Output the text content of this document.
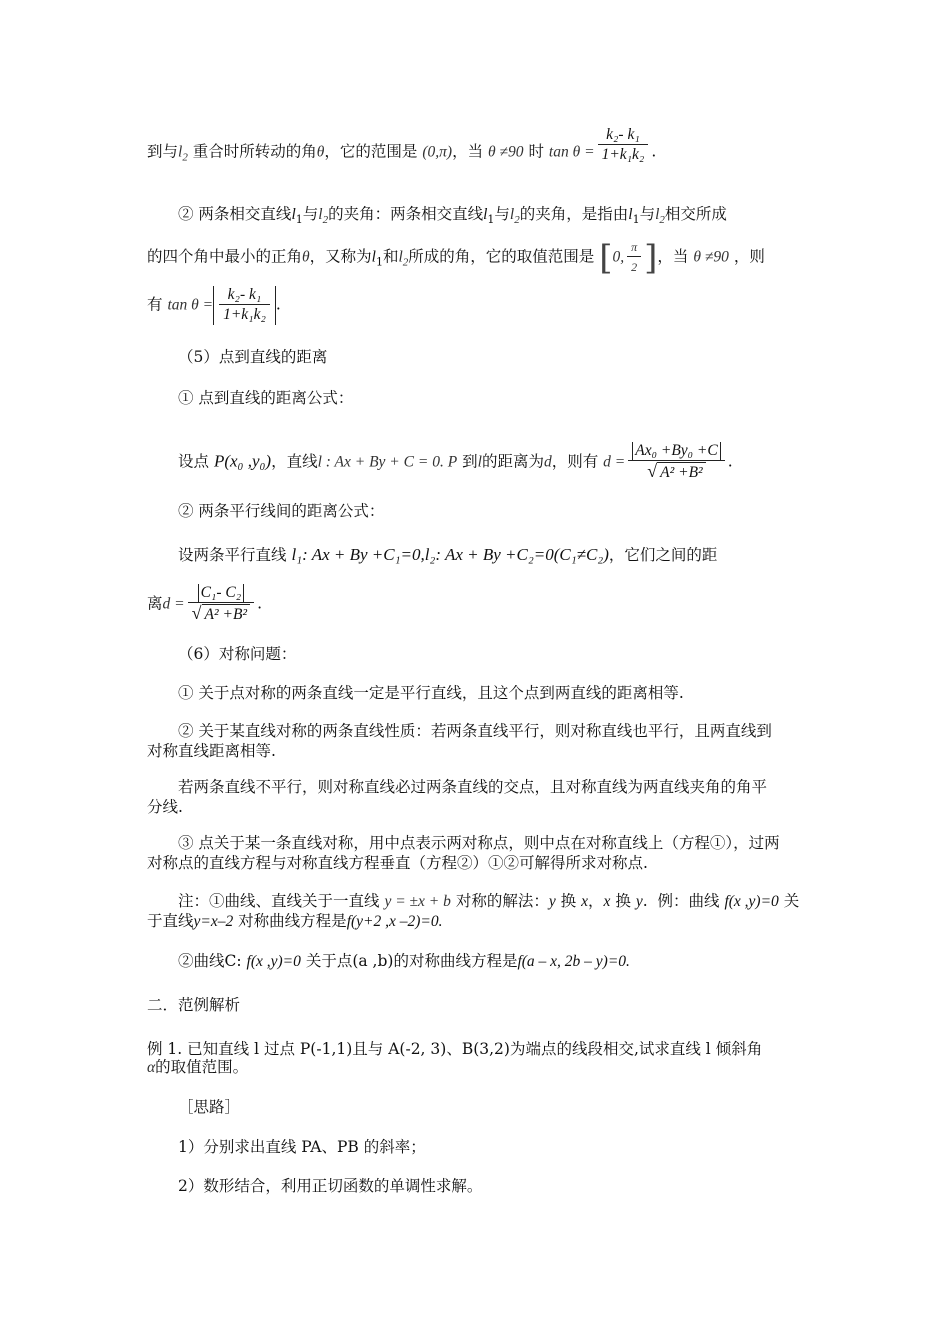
到与$l_2$ 重合时所转动的角θ，它的范围是 (0,π)，当 θ ≠90 时 $\tan \theta = \frac{\text{k₂- k₁}}{\text{1+k₁k₂}}$ .
② 两条相交直线$l_1$与$l_2$的夹角：两条相交直线$l_1$与$l_2$的夹角，是指由$l_1$与$l_2$相交所成
的四个角中最小的正角θ，又称为$l_1$和$l_2$所成的角，它的取值范围是 [0, $\frac{\pi}{2}$ ]，当 θ ≠90 ，则
有 $\tan \theta = \frac{\text{k₂- k₁}}{\text{1+k₁k₂}}$ .
（5）点到直线的距离
① 点到直线的距离公式：
设点 P(x₀ ,y₀)，直线l : Ax + By + C = 0. P 到l的距离为d，则有 $d = \frac{\text{Ax₀ +By₀ +C}}{\text{√ A² +B²}}$ .
② 两条平行线间的距离公式：
设两条平行直线 l₁: Ax + By +C₁=0,l₂: Ax + By +C₂=0(C₁≠C₂)，它们之间的距
离$d = \frac{\text{C₁- C₂}}{\text{√ A² +B²}}$ .
（6）对称问题：
① 关于点对称的两条直线一定是平行直线，且这个点到两直线的距离相等.
② 关于某直线对称的两条直线性质：若两条直线平行，则对称直线也平行，且两直线到
对称直线距离相等.
若两条直线不平行，则对称直线必过两条直线的交点，且对称直线为两直线夹角的角平
分线.
③ 点关于某一条直线对称，用中点表示两对称点，则中点在对称直线上（方程①），过两
对称点的直线方程与对称直线方程垂直（方程②）①②可解得所求对称点.
注：①曲线、直线关于一直线 y = ±x + b 对称的解法：y 换 x，x 换 y. 例：曲线 f(x ,y)=0 关
于直线y=x–2 对称曲线方程是f(y+2 ,x –2)=0.
②曲线C: f(x ,y)=0 关于点(a ,b)的对称曲线方程是f(a – x, 2b – y)=0.
二．范例解析
例 1. 已知直线 l 过点 P(-1,1)且与 A(-2, 3)、B(3,2)为端点的线段相交,试求直线 l 倾斜角
α的取值范围。
［思路］
1）分别求出直线 PA、PB 的斜率；
2）数形结合，利用正切函数的单调性求解。
